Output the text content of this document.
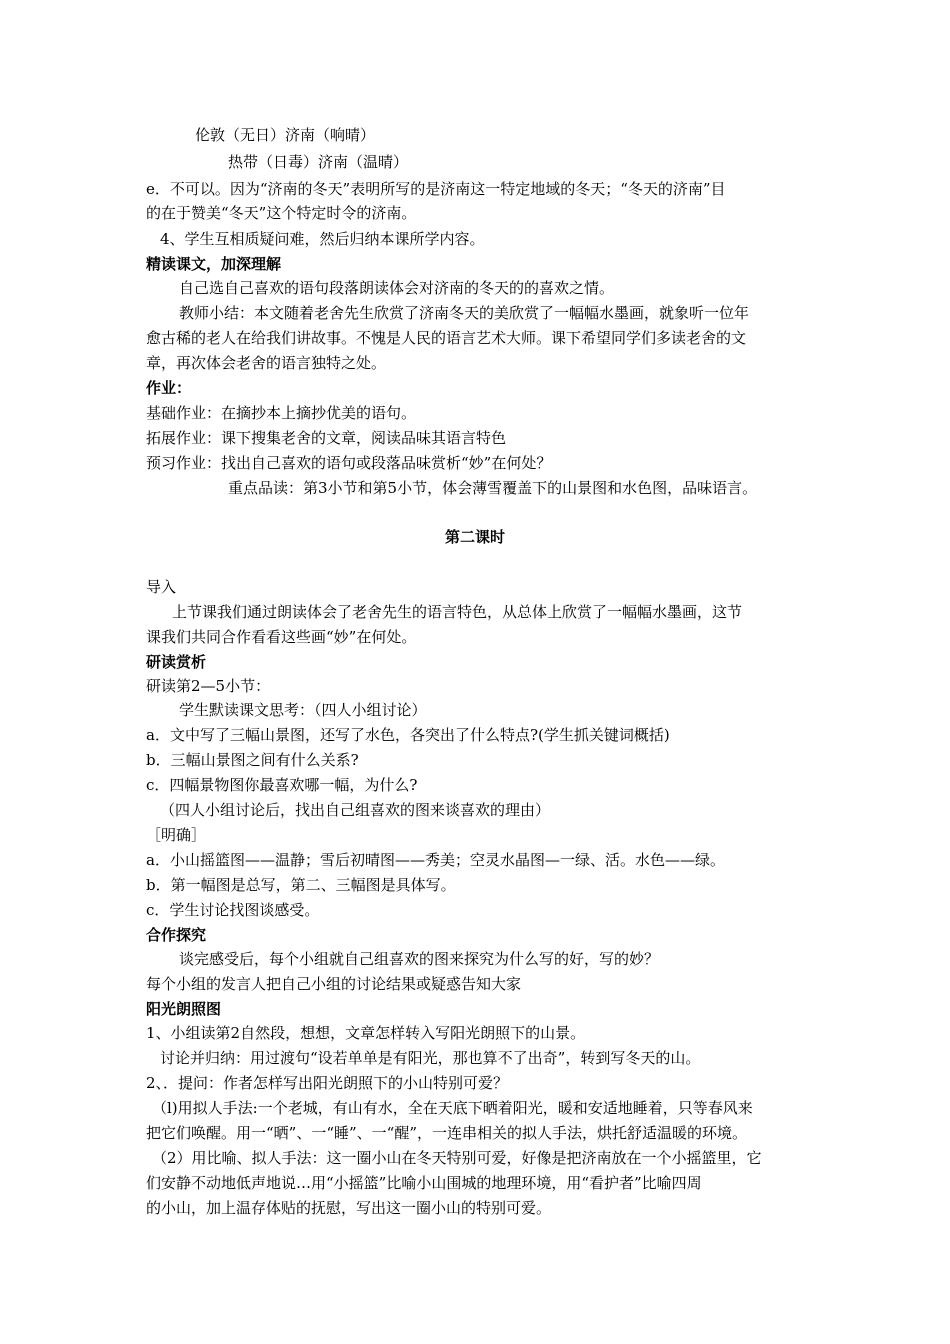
伦敦（无日）济南（响晴）
热带（日毒）济南（温晴）
e．不可以。因为“济南的冬天”表明所写的是济南这一特定地域的冬天；“冬天的济南”目
的在于赞美“冬天”这个特定时令的济南。
4、学生互相质疑问难，然后归纳本课所学内容。
精读课文，加深理解
自己选自己喜欢的语句段落朗读体会对济南的冬天的的喜欢之情。
教师小结：本文随着老舍先生欣赏了济南冬天的美欣赏了一幅幅水墨画，就象听一位年
愈古稀的老人在给我们讲故事。不愧是人民的语言艺术大师。课下希望同学们多读老舍的文
章，再次体会老舍的语言独特之处。
作业：
基础作业：在摘抄本上摘抄优美的语句。
拓展作业：课下搜集老舍的文章，阅读品味其语言特色
预习作业：找出自己喜欢的语句或段落品味赏析“妙”在何处？
重点品读：第3小节和第5小节，体会薄雪覆盖下的山景图和水色图，品味语言。
第二课时
导入
上节课我们通过朗读体会了老舍先生的语言特色，从总体上欣赏了一幅幅水墨画，这节
课我们共同合作看看这些画“妙”在何处。
研读赏析
研读第2—5小节：
学生默读课文思考：（四人小组讨论）
a．文中写了三幅山景图，还写了水色，各突出了什么特点?(学生抓关键词概括)
b．三幅山景图之间有什么关系?
c．四幅景物图你最喜欢哪一幅，为什么?
（四人小组讨论后，找出自己组喜欢的图来谈喜欢的理由）
［明确］
a．小山摇篮图——温静；雪后初晴图——秀美；空灵水晶图—一绿、活。水色——绿。
b．第一幅图是总写，第二、三幅图是具体写。
c．学生讨论找图谈感受。
合作探究
谈完感受后，每个小组就自己组喜欢的图来探究为什么写的好，写的妙？
每个小组的发言人把自己小组的讨论结果或疑惑告知大家
阳光朗照图
1、小组读第2自然段，想想，文章怎样转入写阳光朗照下的山景。
讨论并归纳：用过渡句“设若单单是有阳光，那也算不了出奇”，转到写冬天的山。
2、．提问：作者怎样写出阳光朗照下的小山特别可爱？
（l)用拟人手法:一个老城，有山有水，全在天底下晒着阳光，暖和安适地睡着，只等春风来
把它们唤醒。用一“晒”、一“睡”、一“醒”，一连串相关的拟人手法，烘托舒适温暖的环境。
（2）用比喻、拟人手法：这一圈小山在冬天特别可爱，好像是把济南放在一个小摇篮里，它
们安静不动地低声地说…用“小摇篮”比喻小山围城的地理环境，用“看护者”比喻四周
的小山，加上温存体贴的抚慰，写出这一圈小山的特别可爱。
